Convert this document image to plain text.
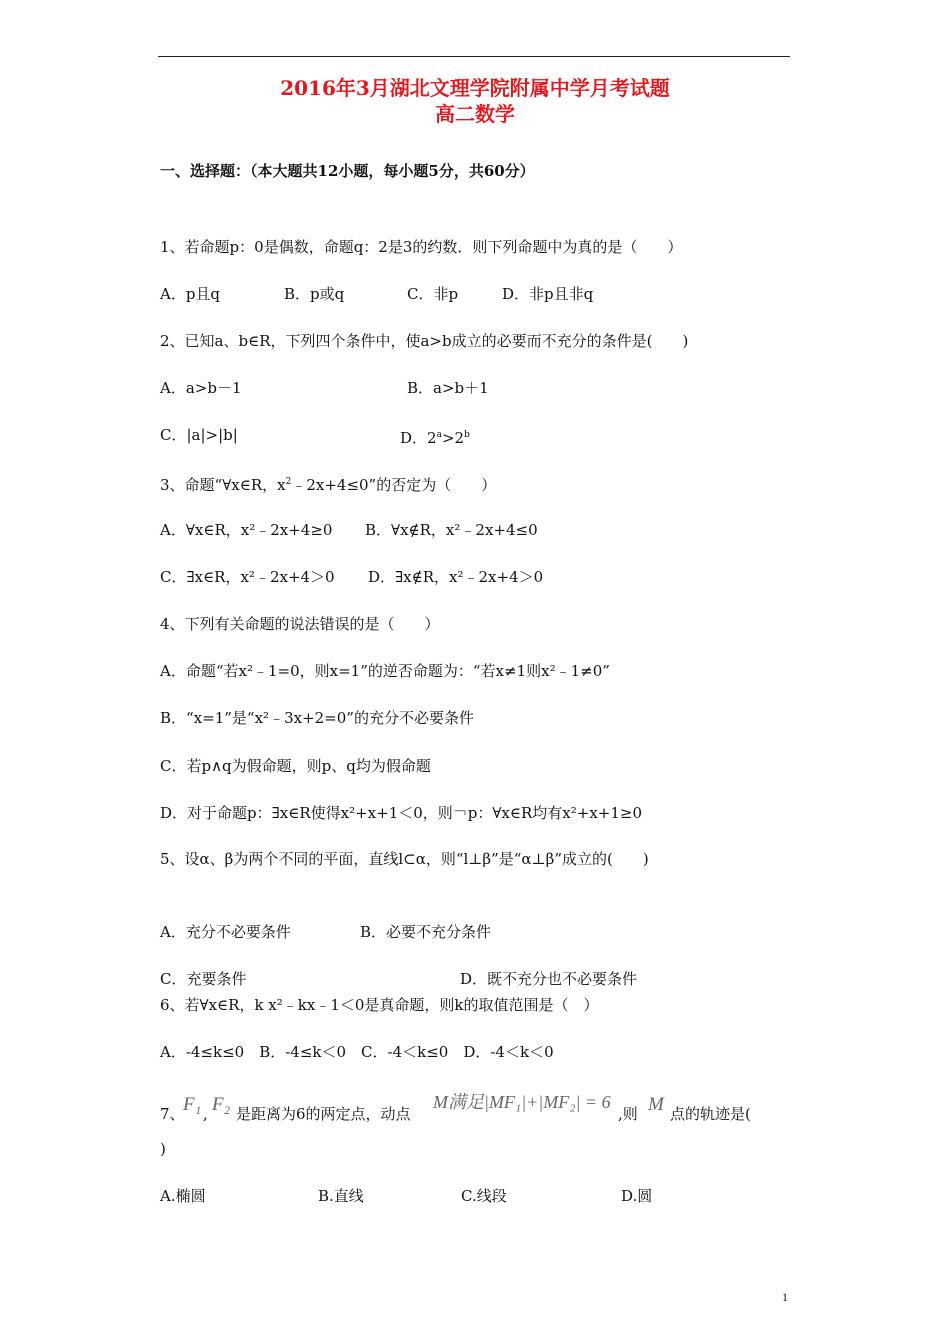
2016年3月湖北文理学院附属中学月考试题
高二数学
一、选择题：（本大题共12小题，每小题5分，共60分）
1、若命题p：0是偶数，命题q：2是3的约数．则下列命题中为真的是（　　）
A．p且q	B．p或q	C．非p	D．非p且非q
2、已知a、b∈R，下列四个条件中，使a>b成立的必要而不充分的条件是(　　)
A．a>b－1	B．a>b＋1
C．|a|>|b|	D．$2^a>2^b$
3、命题“∀x∈R，$x^2﹣2x+4\le 0$”的否定为（　　）
A．∀x∈R，x²﹣2x+4≥0 B．∀x∉R，x²﹣2x+4≤0
C．∃x∈R，x²﹣2x+4＞0 D．∃x∉R，x²﹣2x+4＞0
4、下列有关命题的说法错误的是（　　）
A．命题“若x²﹣1=0，则x=1”的逆否命题为：“若x≠1则x²﹣1≠0”
B．“x=1”是“x²﹣3x+2=0”的充分不必要条件
C．若p∧q为假命题，则p、q均为假命题
D．对于命题p：∃x∈R使得x²+x+1＜0，则￢p：∀x∈R均有x²+x+1≥0
5、设α、β为两个不同的平面，直线l⊂α，则“l⊥β”是“α⊥β”成立的(　　)
A．充分不必要条件	B．必要不充分条件
C．充要条件	D．既不充分也不必要条件
6、若∀x∈R，k x²﹣kx﹣1＜0是真命题，则k的取值范围是（　）
A．-4≤k≤0　B．-4≤k＜0　C．-4＜k≤0　D．-4＜k＜0
7、
F₁ , F₂ 是距离为6的两定点，动点
M满足|MF₁|+|MF₂| = 6
,则 M 点的轨迹是(
)
A.椭圆	B.直线	C.线段	D.圆
1
